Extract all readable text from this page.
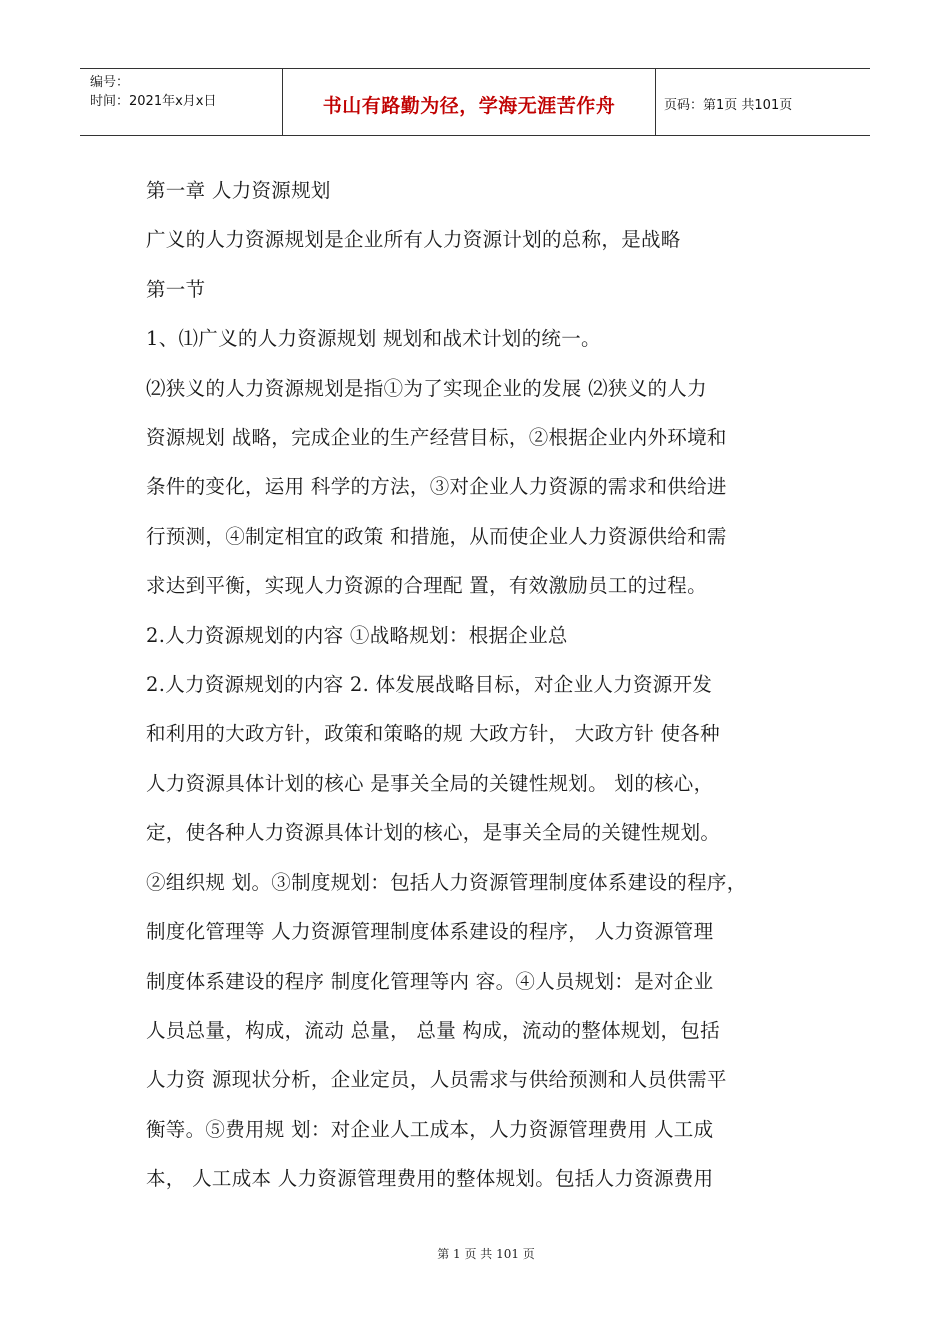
编号：
时间：2021年x月x日	书山有路勤为径，学海无涯苦作舟	页码：第1页 共101页
第一章 人力资源规划
广义的人力资源规划是企业所有人力资源计划的总称，是战略
第一节
1、⑴广义的人力资源规划 规划和战术计划的统一。
⑵狭义的人力资源规划是指①为了实现企业的发展 ⑵狭义的人力
资源规划 战略，完成企业的生产经营目标，②根据企业内外环境和
条件的变化，运用 科学的方法，③对企业人力资源的需求和供给进
行预测，④制定相宜的政策 和措施，从而使企业人力资源供给和需
求达到平衡，实现人力资源的合理配 置，有效激励员工的过程。
2.人力资源规划的内容 ①战略规划：根据企业总
2.人力资源规划的内容 2. 体发展战略目标，对企业人力资源开发
和利用的大政方针，政策和策略的规 大政方针， 大政方针 使各种
人力资源具体计划的核心 是事关全局的关键性规划。 划的核心，
定，使各种人力资源具体计划的核心，是事关全局的关键性规划。
②组织规 划。③制度规划：包括人力资源管理制度体系建设的程序，
制度化管理等 人力资源管理制度体系建设的程序， 人力资源管理
制度体系建设的程序 制度化管理等内 容。④人员规划：是对企业
人员总量，构成，流动 总量， 总量 构成，流动的整体规划，包括
人力资 源现状分析，企业定员，人员需求与供给预测和人员供需平
衡等。⑤费用规 划：对企业人工成本，人力资源管理费用 人工成
本， 人工成本 人力资源管理费用的整体规划。包括人力资源费用
第 1 页 共 101 页
